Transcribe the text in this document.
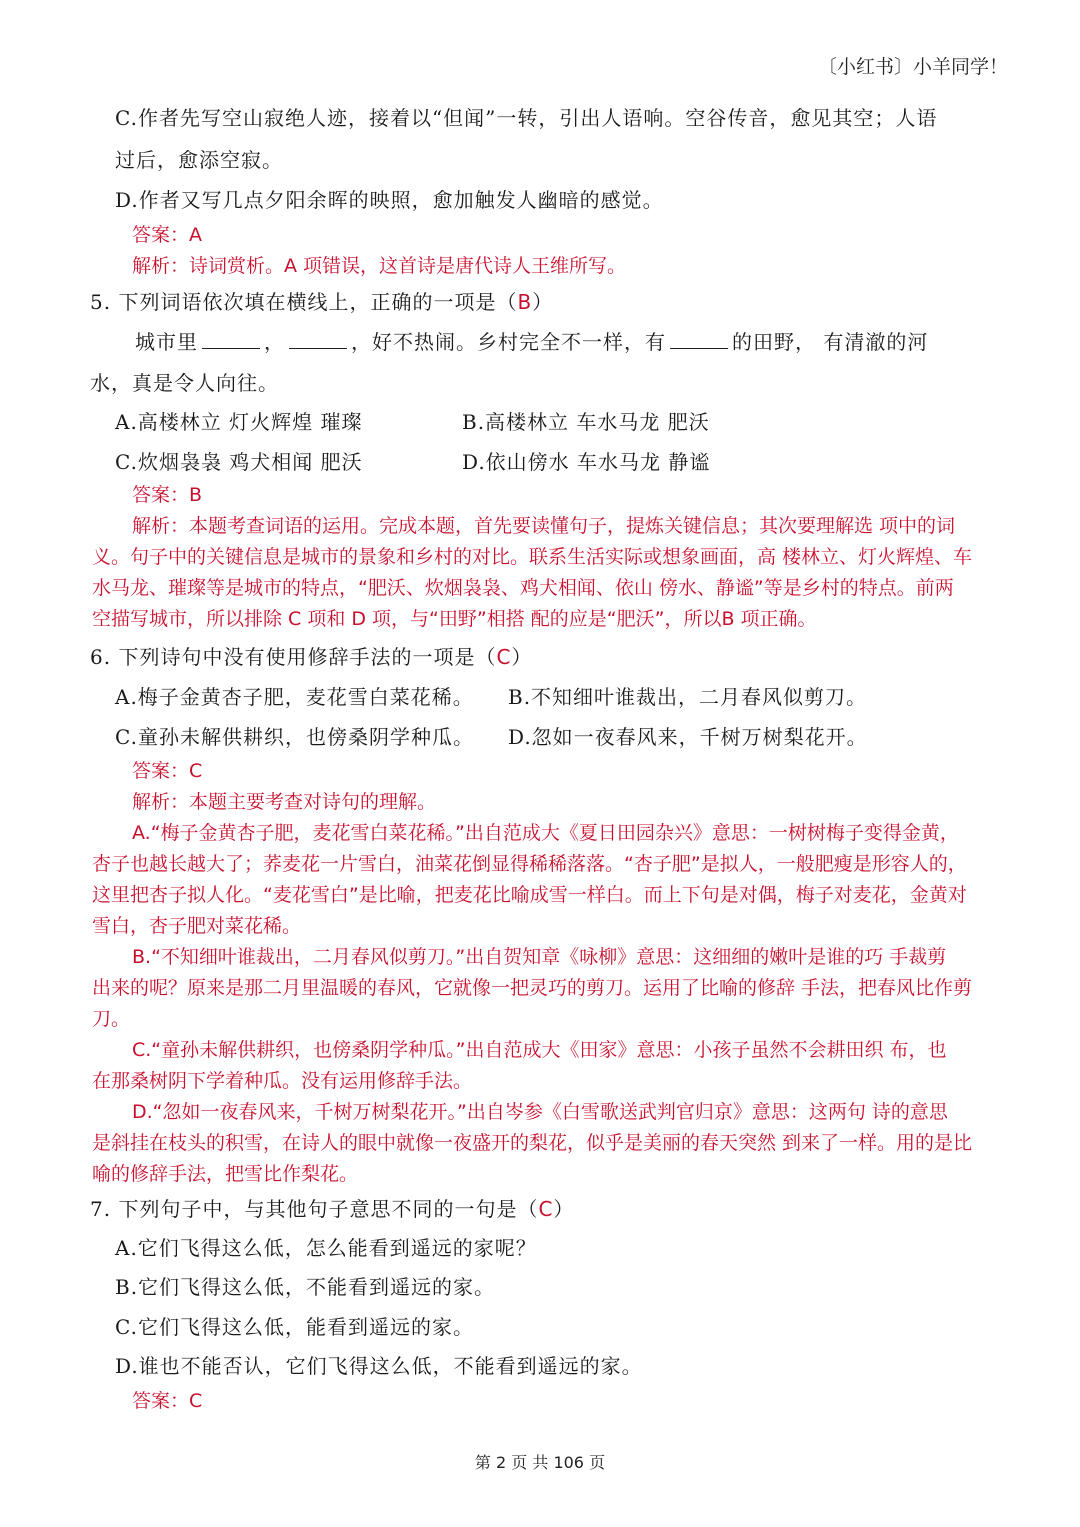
〔小红书〕小羊同学！
C.作者先写空山寂绝人迹，接着以“但闻”一转，引出人语响。空谷传音，愈见其空；人语
过后，愈添空寂。
D.作者又写几点夕阳余晖的映照，愈加触发人幽暗的感觉。
答案：A
解析：诗词赏析。A 项错误，这首诗是唐代诗人王维所写。
5. 下列词语依次填在横线上，正确的一项是（B）
城市里	，	，好不热闹。乡村完全不一样，有	的田野， 有清澈的河
水，真是令人向往。
A.高楼林立 灯火辉煌 璀璨	B.高楼林立 车水马龙 肥沃
C.炊烟袅袅 鸡犬相闻 肥沃	D.依山傍水 车水马龙 静谧
答案：B
解析：本题考查词语的运用。完成本题，首先要读懂句子，提炼关键信息；其次要理解选 项中的词
义。句子中的关键信息是城市的景象和乡村的对比。联系生活实际或想象画面，高 楼林立、灯火辉煌、车
水马龙、璀璨等是城市的特点，“肥沃、炊烟袅袅、鸡犬相闻、依山 傍水、静谧”等是乡村的特点。前两
空描写城市，所以排除 C 项和 D 项，与“田野”相搭 配的应是“肥沃”，所以B 项正确。
6. 下列诗句中没有使用修辞手法的一项是（C）
A.梅子金黄杏子肥，麦花雪白菜花稀。 B.不知细叶谁裁出，二月春风似剪刀。
C.童孙未解供耕织，也傍桑阴学种瓜。 D.忽如一夜春风来，千树万树梨花开。
答案：C
解析：本题主要考查对诗句的理解。
A.“梅子金黄杏子肥，麦花雪白菜花稀。”出自范成大《夏日田园杂兴》意思：一树树梅子变得金黄，
杏子也越长越大了；荞麦花一片雪白，油菜花倒显得稀稀落落。“杏子肥”是拟人，一般肥瘦是形容人的，
这里把杏子拟人化。“麦花雪白”是比喻，把麦花比喻成雪一样白。而上下句是对偶，梅子对麦花，金黄对
雪白，杏子肥对菜花稀。
B.“不知细叶谁裁出，二月春风似剪刀。”出自贺知章《咏柳》意思：这细细的嫩叶是谁的巧 手裁剪
出来的呢？原来是那二月里温暖的春风，它就像一把灵巧的剪刀。运用了比喻的修辞 手法，把春风比作剪
刀。
C.“童孙未解供耕织，也傍桑阴学种瓜。”出自范成大《田家》意思：小孩子虽然不会耕田织 布，也
在那桑树阴下学着种瓜。没有运用修辞手法。
D.“忽如一夜春风来，千树万树梨花开。”出自岑参《白雪歌送武判官归京》意思：这两句 诗的意思
是斜挂在枝头的积雪，在诗人的眼中就像一夜盛开的梨花，似乎是美丽的春天突然 到来了一样。用的是比
喻的修辞手法，把雪比作梨花。
7. 下列句子中，与其他句子意思不同的一句是（C）
A.它们飞得这么低，怎么能看到遥远的家呢？
B.它们飞得这么低，不能看到遥远的家。
C.它们飞得这么低，能看到遥远的家。
D.谁也不能否认，它们飞得这么低，不能看到遥远的家。
答案：C
第 2 页 共 106 页
